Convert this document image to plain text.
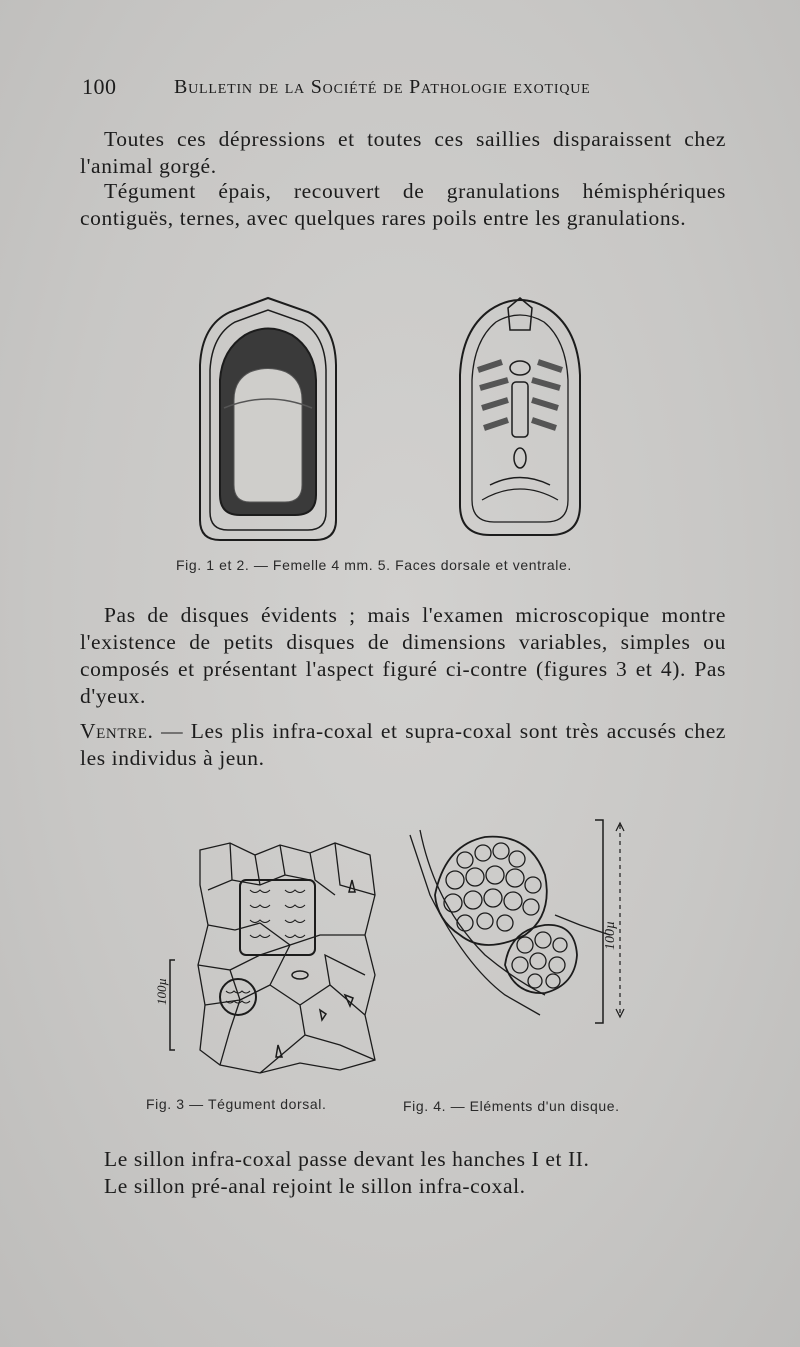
100	Bulletin de la Société de Pathologie exotique
Toutes ces dépressions et toutes ces saillies disparaissent chez l'animal gorgé.
Tégument épais, recouvert de granulations hémisphériques contiguës, ternes, avec quelques rares poils entre les granulations.
Fig. 1 et 2. — Femelle 4 mm. 5. Faces dorsale et ventrale.
Pas de disques évidents ; mais l'examen microscopique montre l'existence de petits disques de dimensions variables, simples ou composés et présentant l'aspect figuré ci-contre (figures 3 et 4). Pas d'yeux.
Ventre. — Les plis infra-coxal et supra-coxal sont très accusés chez les individus à jeun.
100µ
Fig. 3 — Tégument dorsal.
100µ
Fig. 4. — Eléments d'un disque.
Le sillon infra-coxal passe devant les hanches I et II.
Le sillon pré-anal rejoint le sillon infra-coxal.
